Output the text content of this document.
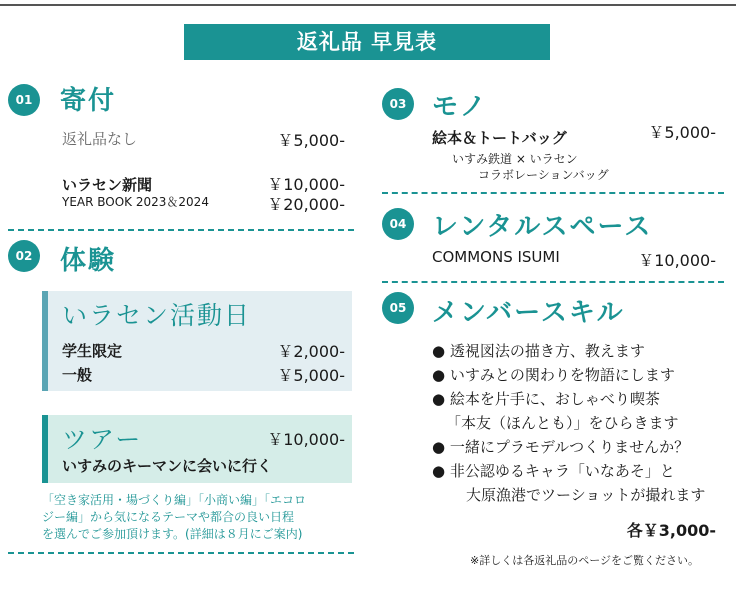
返礼品 早見表
01 寄付
返礼品なし	￥5,000-
いラセン新聞	￥10,000-
YEAR BOOK 2023＆2024	￥20,000-
02 体験
いラセン活動日
学生限定	￥2,000-
一般	￥5,000-
ツアー	￥10,000-
いすみのキーマンに会いに行く
「空き家活用・場づくり編」「小商い編」「エコロ
ジー編」から気になるテーマや都合の良い日程
を選んでご参加頂けます。(詳細は８月にご案内)
03 モノ
絵本＆トートバッグ	￥5,000-
いすみ鉄道 × いラセン
コラボレーションバッグ
04 レンタルスペース
COMMONS ISUMI	￥10,000-
05 メンバースキル
● 透視図法の描き方、教えます
● いすみとの関わりを物語にします
● 絵本を片手に、おしゃべり喫茶
「本友（ほんとも）」をひらきます
● 一緒にプラモデルつくりませんか？
● 非公認ゆるキャラ「いなあそ」と
大原漁港でツーショットが撮れます
各￥3,000-
※詳しくは各返礼品のページをご覧ください。
